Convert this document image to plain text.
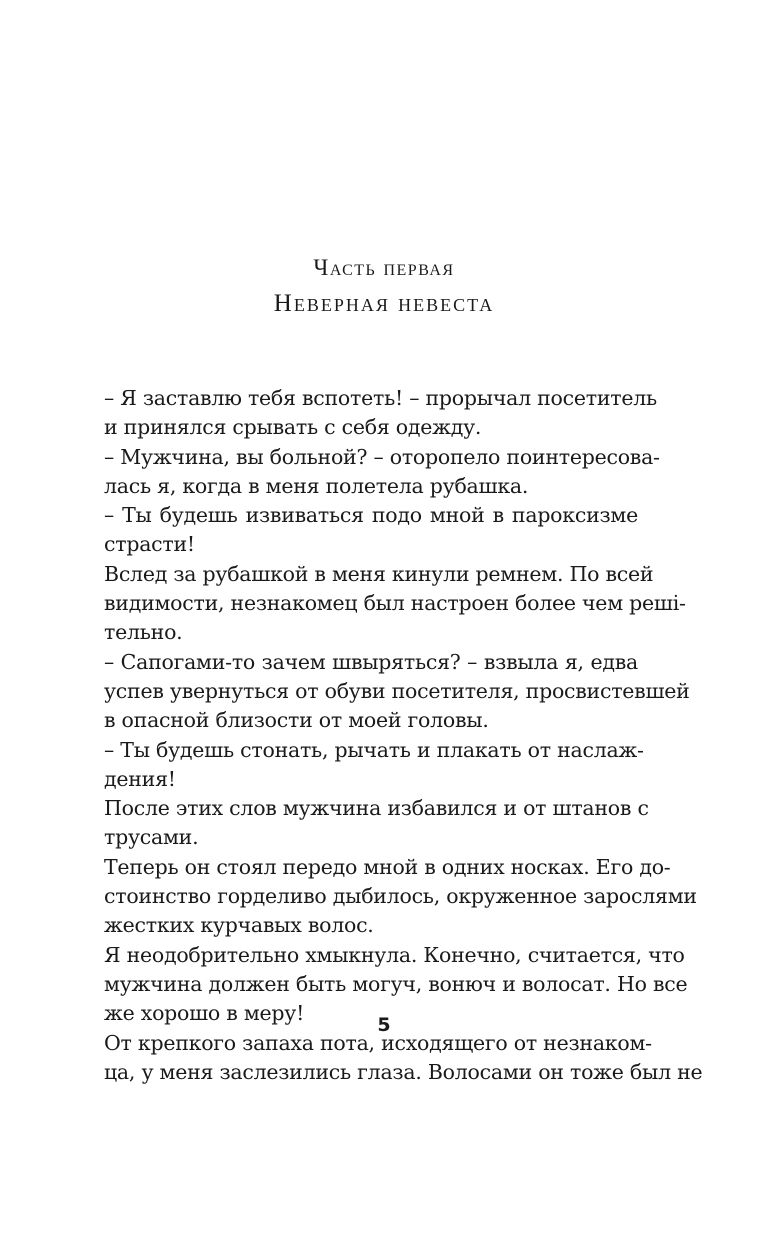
Часть первая
Неверная невеста

– Я заставлю тебя вспотеть! – прорычал посетитель
и принялся срывать с себя одежду.

– Мужчина, вы больной? – оторопело поинтересова-
лась я, когда в меня полетела рубашка.

– Ты будешь извиваться подо мной в пароксизме
страсти!

Вслед за рубашкой в меня кинули ремнем. По всей
видимости, незнакомец был настроен более чем решi-
тельно.

– Сапогами-то зачем швыряться? – взвыла я, едва
успев увернуться от обуви посетителя, просвистевшей
в опасной близости от моей головы.

– Ты будешь стонать, рычать и плакать от наслаж-
дения!

После этих слов мужчина избавился и от штанов с
трусами.

Теперь он стоял передо мной в одних носках. Его до-
стоинство горделиво дыбилось, окруженное зарослями
жестких курчавых волос.

Я неодобрительно хмыкнула. Конечно, считается, что
мужчина должен быть могуч, вонюч и волосат. Но все
же хорошо в меру!

От крепкого запаха пота, исходящего от незнаком-
ца, у меня заслезились глаза. Волосами он тоже был не

5
